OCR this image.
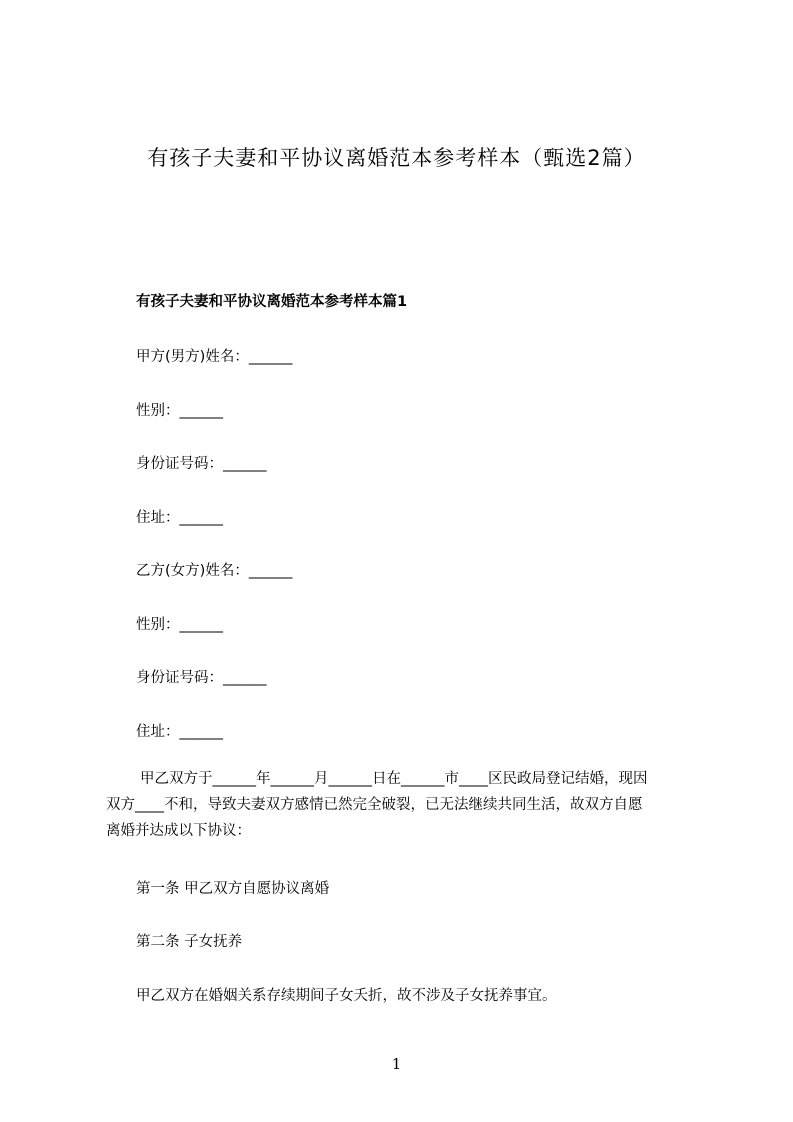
有孩子夫妻和平协议离婚范本参考样本（甄选2篇）
有孩子夫妻和平协议离婚范本参考样本篇1
甲方(男方)姓名：______
性别：______
身份证号码：______
住址：______
乙方(女方)姓名：______
性别：______
身份证号码：______
住址：______
甲乙双方于______年______月______日在______市____区民政局登记结婚，现因
双方____不和，导致夫妻双方感情已然完全破裂，已无法继续共同生活，故双方自愿
离婚并达成以下协议：
第一条 甲乙双方自愿协议离婚
第二条 子女抚养
甲乙双方在婚姻关系存续期间子女夭折，故不涉及子女抚养事宜。
1
